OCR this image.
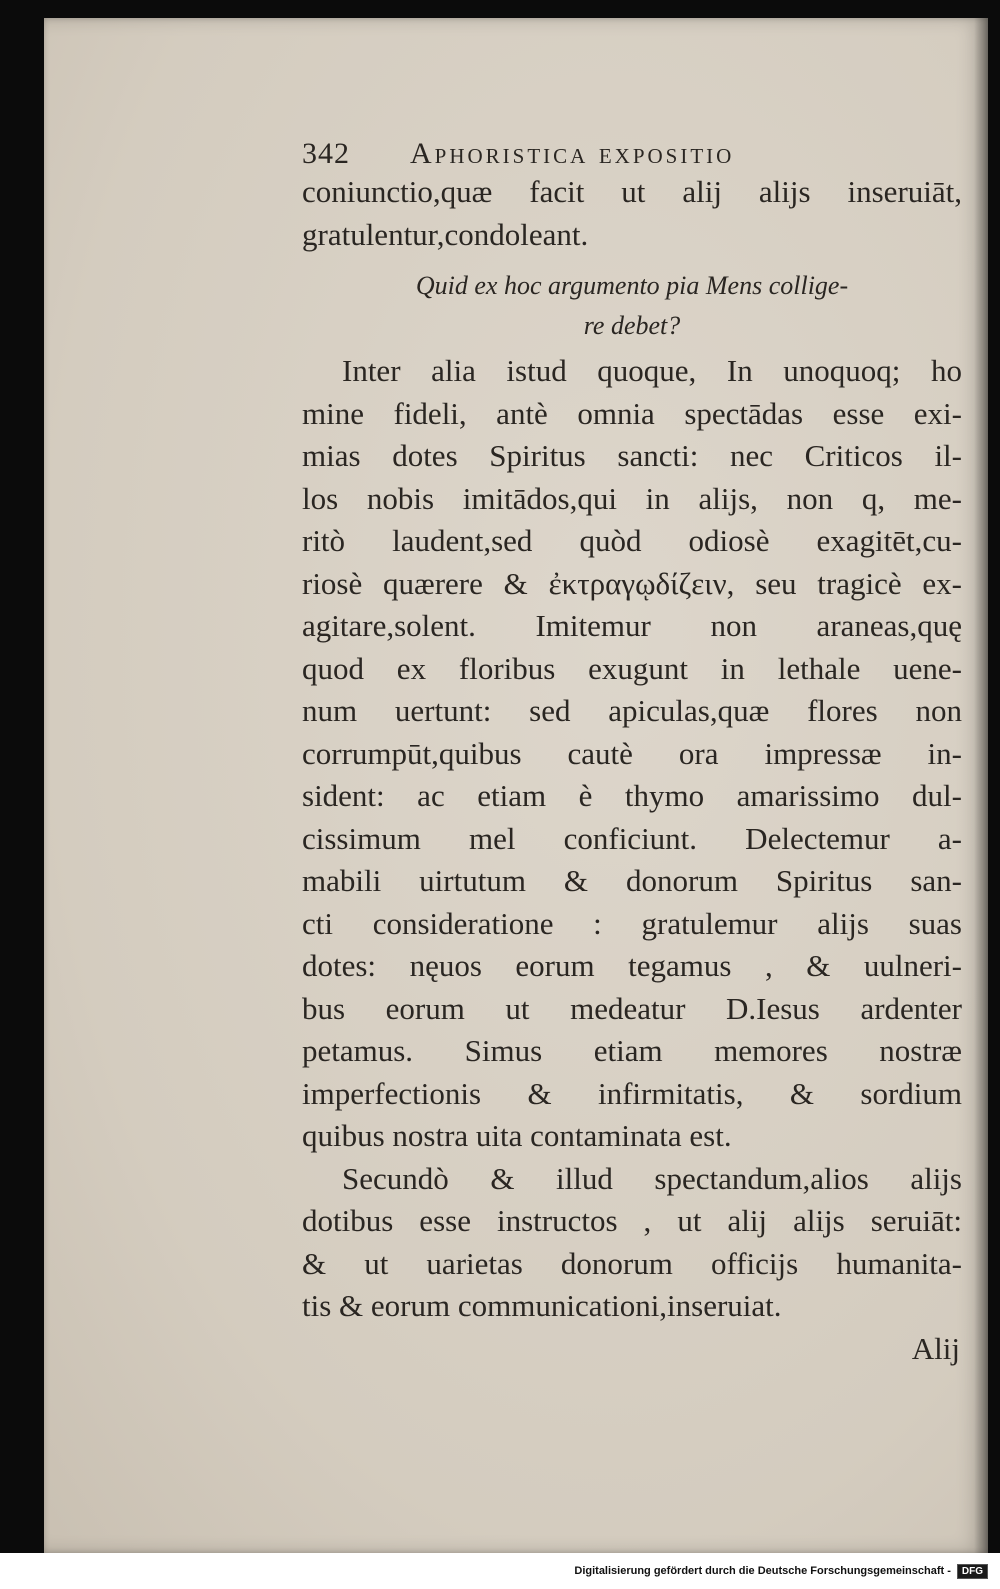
342	Aphoristica expositio
coniunctio,quæ facit ut alij alijs inseruiāt,
gratulentur,condoleant.
Quid ex hoc argumento pia Mens collige-
re debet?
Inter alia istud quoque, In unoquoq; ho
mine fideli, antè omnia spectādas esse exi-
mias dotes Spiritus sancti: nec Criticos il-
los nobis imitādos,qui in alijs, non q, me-
ritò laudent,sed quòd odiosè exagitēt,cu-
riosè quærere & ἐκτραγῳδίζειν, seu tragicè ex-
agitare,solent. Imitemur non araneas,quę
quod ex floribus exugunt in lethale uene-
num uertunt: sed apiculas,quæ flores non
corrumpūt,quibus cautè ora impressæ in-
sident: ac etiam è thymo amarissimo dul-
cissimum mel conficiunt. Delectemur a-
mabili uirtutum & donorum Spiritus san-
cti consideratione : gratulemur alijs suas
dotes: nęuos eorum tegamus , & uulneri-
bus eorum ut medeatur D.Iesus ardenter
petamus. Simus etiam memores nostræ
imperfectionis & infirmitatis, & sordium
quibus nostra uita contaminata est.
Secundò & illud spectandum,alios alijs
dotibus esse instructos , ut alij alijs seruiāt:
& ut uarietas donorum officijs humanita-
tis & eorum communicationi,inseruiat.
Alij
Digitalisierung gefördert durch die Deutsche Forschungsgemeinschaft -	DFG
